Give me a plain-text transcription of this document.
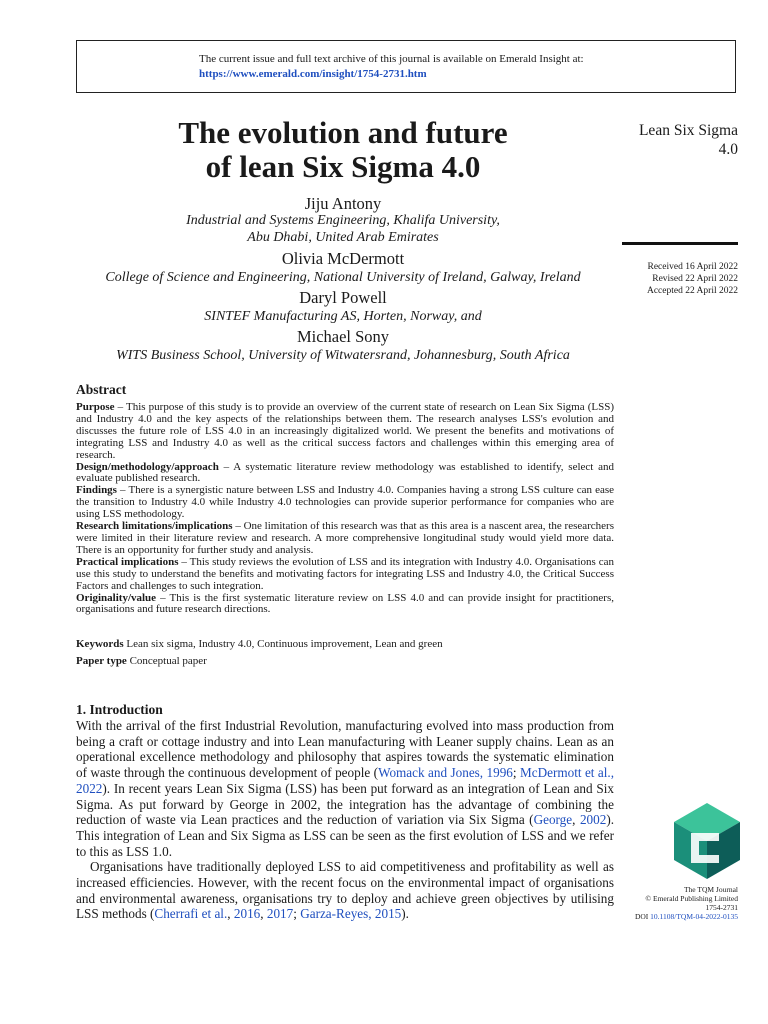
The current issue and full text archive of this journal is available on Emerald Insight at:
https://www.emerald.com/insight/1754-2731.htm
Lean Six Sigma
4.0
Received 16 April 2022
Revised 22 April 2022
Accepted 22 April 2022
The evolution and future
of lean Six Sigma 4.0
Jiju Antony
Industrial and Systems Engineering, Khalifa University,
Abu Dhabi, United Arab Emirates
Olivia McDermott
College of Science and Engineering, National University of Ireland, Galway, Ireland
Daryl Powell
SINTEF Manufacturing AS, Horten, Norway, and
Michael Sony
WITS Business School, University of Witwatersrand, Johannesburg, South Africa
Abstract

Purpose – This purpose of this study is to provide an overview of the current state of research on Lean Six Sigma (LSS) and Industry 4.0 and the key aspects of the relationships between them. The research analyses LSS's evolution and discusses the future role of LSS 4.0 in an increasingly digitalized world. We present the benefits and motivations of integrating LSS and Industry 4.0 as well as the critical success factors and challenges within this emerging area of research.

Design/methodology/approach – A systematic literature review methodology was established to identify, select and evaluate published research.

Findings – There is a synergistic nature between LSS and Industry 4.0. Companies having a strong LSS culture can ease the transition to Industry 4.0 while Industry 4.0 technologies can provide superior performance for companies who are using LSS methodology.

Research limitations/implications – One limitation of this research was that as this area is a nascent area, the researchers were limited in their literature review and research. A more comprehensive longitudinal study would yield more data. There is an opportunity for further study and analysis.

Practical implications – This study reviews the evolution of LSS and its integration with Industry 4.0. Organisations can use this study to understand the benefits and motivating factors for integrating LSS and Industry 4.0, the Critical Success Factors and challenges to such integration.

Originality/value – This is the first systematic literature review on LSS 4.0 and can provide insight for practitioners, organisations and future research directions.

Keywords Lean six sigma, Industry 4.0, Continuous improvement, Lean and green
Paper type Conceptual paper
1. Introduction

With the arrival of the first Industrial Revolution, manufacturing evolved into mass production from being a craft or cottage industry and into Lean manufacturing with Leaner supply chains. Lean as an operational excellence methodology and philosophy that aspires towards the systematic elimination of waste through the continuous development of people (Womack and Jones, 1996; McDermott et al., 2022). In recent years Lean Six Sigma (LSS) has been put forward as an integration of Lean and Six Sigma. As put forward by George in 2002, the integration has the advantage of combining the reduction of waste via Lean practices and the reduction of variation via Six Sigma (George, 2002). This integration of Lean and Six Sigma as LSS can be seen as the first evolution of LSS and we refer to this as LSS 1.0.

Organisations have traditionally deployed LSS to aid competitiveness and profitability as well as increased efficiencies. However, with the recent focus on the environmental impact of organisations and environmental awareness, organisations try to deploy and achieve green objectives by utilising LSS methods (Cherrafi et al., 2016, 2017; Garza-Reyes, 2015).

The TQM Journal
© Emerald Publishing Limited
1754-2731
DOI 10.1108/TQM-04-2022-0135
